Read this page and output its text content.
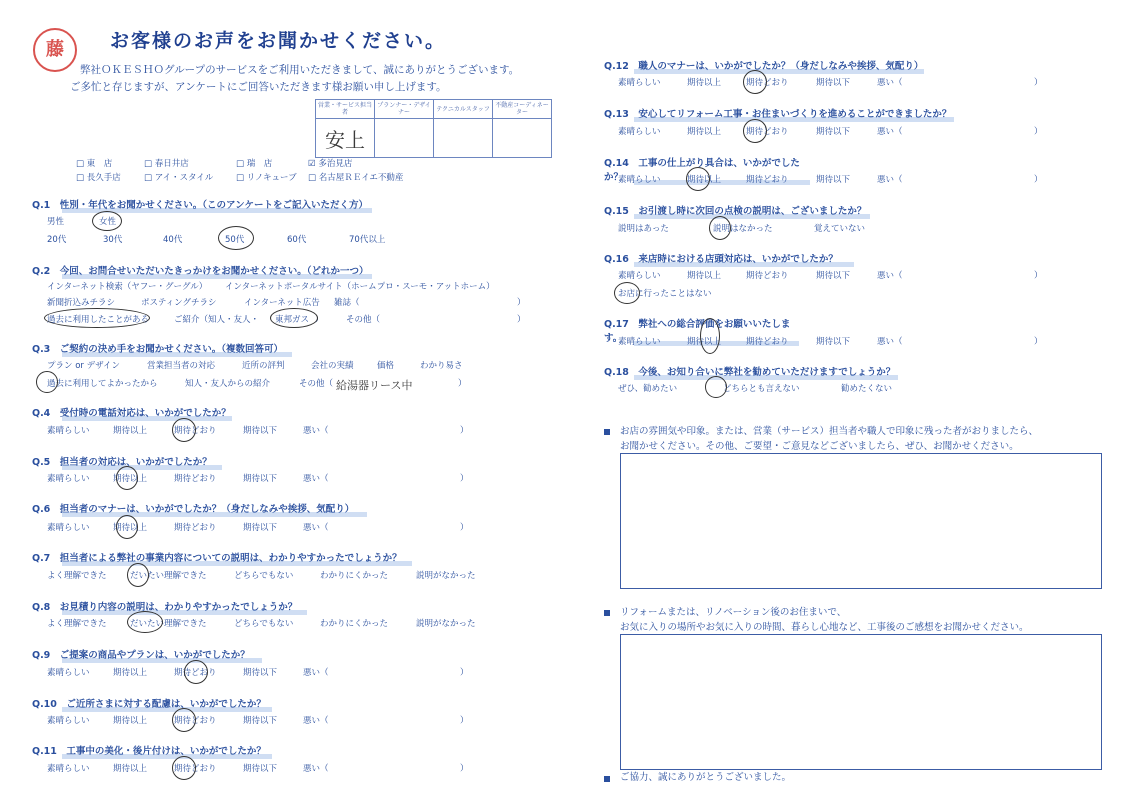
藤	お客様のお声をお聞かせください。
弊社ＯＫＥＳＨＯグループのサービスをご利用いただきまして、誠にありがとうございます。
ご多忙と存じますが、アンケートにご回答いただきます様お願い申し上げます。
営業・サービス担当者	プランナー・デザイナー	テクニカルスタッフ	不動産コーディネーター
安上			
□ 東　店	□ 春日井店	□ 瑞　店	☑ 多治見店
□ 長久手店	□ アイ・スタイル	□ リノキューブ	□ 名古屋ＲＥイエ不動産
Q.1　性別・年代をお聞かせください。（このアンケートをご記入いただく方）
男性	女性
20代	30代	40代	50代	60代	70代以上
Q.2　今回、お問合せいただいたきっかけをお聞かせください。（どれか一つ）
インターネット検索（ヤフー・グーグル）	インターネットポータルサイト（ホームプロ・スーモ・アットホーム）
新聞折込みチラシ	ポスティングチラシ	インターネット広告	雑誌（	）
過去に利用したことがある	ご紹介（知人・友人・	東邦ガス ）	その他（	）
Q.3　ご契約の決め手をお聞かせください。（複数回答可）
プラン or デザイン	営業担当者の対応	近所の評判	会社の実績	価格	わかり易さ
過去に利用してよかったから	知人・友人からの紹介	その他（ 給湯器リース中	）
Q.4　受付時の電話対応は、いかがでしたか？
素晴らしい	期待以上	期待どおり	期待以下	悪い（	）
Q.5　担当者の対応は、いかがでしたか？
素晴らしい	期待以上	期待どおり	期待以下	悪い（	）
Q.6　担当者のマナーは、いかがでしたか？（身だしなみや挨拶、気配り）
素晴らしい	期待以上	期待どおり	期待以下	悪い（	）
Q.7　担当者による弊社の事業内容についての説明は、わかりやすかったでしょうか？
よく理解できた	だいたい理解できた	どちらでもない	わかりにくかった	説明がなかった
Q.8　お見積り内容の説明は、わかりやすかったでしょうか？
よく理解できた	だいたい理解できた	どちらでもない	わかりにくかった	説明がなかった
Q.9　ご提案の商品やプランは、いかがでしたか？
素晴らしい	期待以上	期待どおり	期待以下	悪い（	）
Q.10　ご近所さまに対する配慮は、いかがでしたか？
素晴らしい	期待以上	期待どおり	期待以下	悪い（	）
Q.11　工事中の美化・後片付けは、いかがでしたか？
素晴らしい	期待以上	期待どおり	期待以下	悪い（	）
Q.12　職人のマナーは、いかがでしたか？（身だしなみや挨拶、気配り）
素晴らしい	期待以上	期待どおり	期待以下	悪い（	）
Q.13　安心してリフォーム工事・お住まいづくりを進めることができましたか？
素晴らしい	期待以上	期待どおり	期待以下	悪い（	）
Q.14　工事の仕上がり具合は、いかがでしたか？
素晴らしい	期待以上	期待どおり	期待以下	悪い（	）
Q.15　お引渡し時に次回の点検の説明は、ございましたか？
説明はあった	説明はなかった	覚えていない
Q.16　来店時における店頭対応は、いかがでしたか？
素晴らしい	期待以上	期待どおり	期待以下	悪い（	）
お店に行ったことはない
Q.17　弊社への総合評価をお願いいたします。
素晴らしい	期待以上	期待どおり	期待以下	悪い（	）
Q.18　今後、お知り合いに弊社を勧めていただけますでしょうか？
ぜひ、勧めたい	どちらとも言えない	勧めたくない
お店の雰囲気や印象。または、営業（サービス）担当者や職人で印象に残った者がおりましたら、
お聞かせください。その他、ご要望・ご意見などございましたら、ぜひ、お聞かせください。
リフォームまたは、リノベーション後のお住まいで、
お気に入りの場所やお気に入りの時間、暮らし心地など、工事後のご感想をお聞かせください。
ご協力、誠にありがとうございました。
